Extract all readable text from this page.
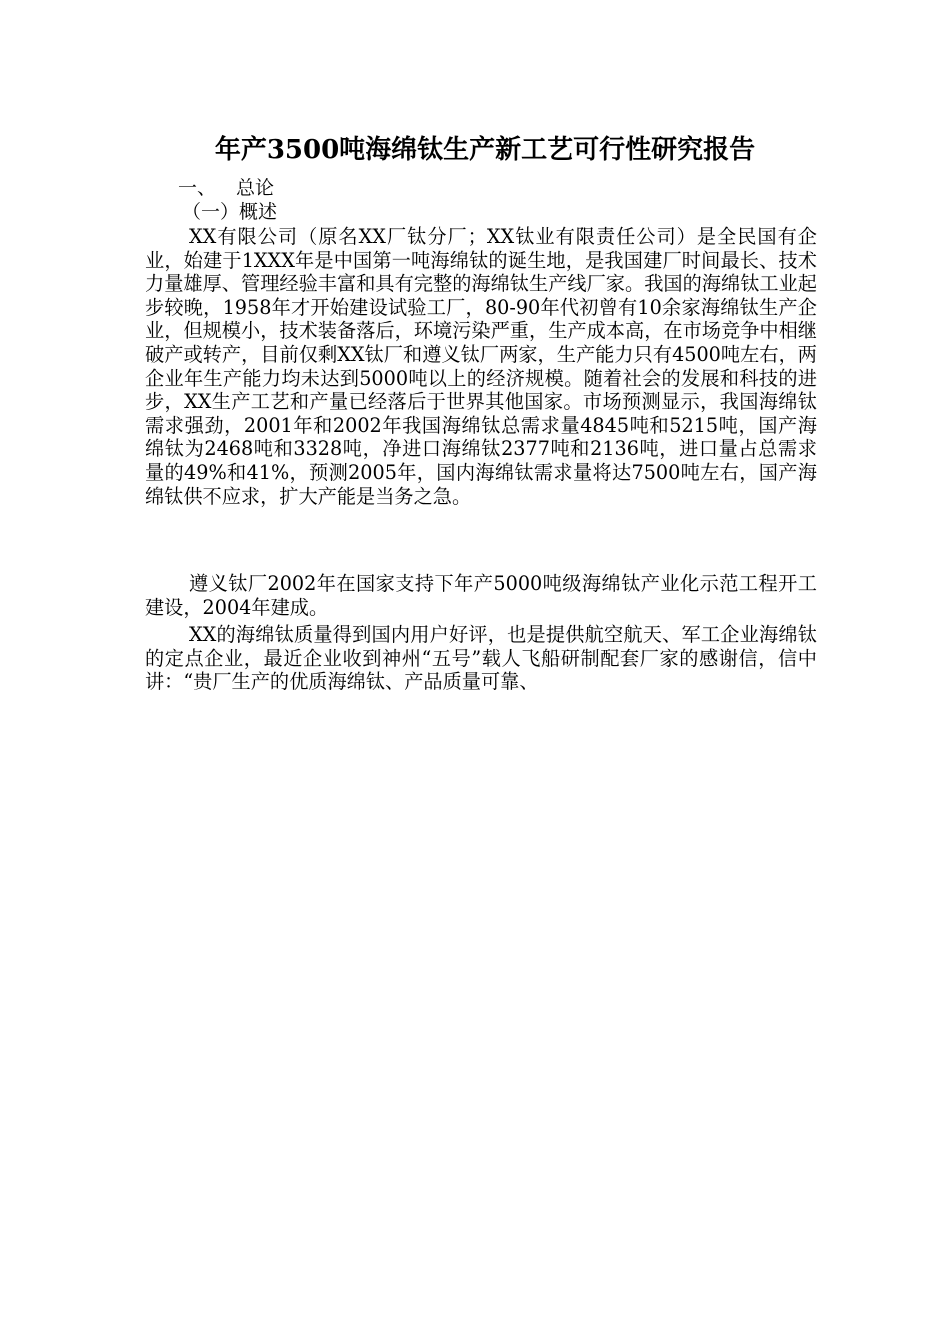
年产3500吨海绵钛生产新工艺可行性研究报告
一、 总论
（一）概述

XX有限公司（原名XX厂钛分厂；XX钛业有限责任公司）是全民国有企业，始建于1XXX年是中国第一吨海绵钛的诞生地，是我国建厂时间最长、技术力量雄厚、管理经验丰富和具有完整的海绵钛生产线厂家。我国的海绵钛工业起步较晚，1958年才开始建设试验工厂，80-90年代初曾有10余家海绵钛生产企业，但规模小，技术装备落后，环境污染严重，生产成本高，在市场竞争中相继破产或转产，目前仅剩XX钛厂和遵义钛厂两家，生产能力只有4500吨左右，两企业年生产能力均未达到5000吨以上的经济规模。随着社会的发展和科技的进步，XX生产工艺和产量已经落后于世界其他国家。市场预测显示，我国海绵钛需求强劲，2001年和2002年我国海绵钛总需求量4845吨和5215吨，国产海绵钛为2468吨和3328吨，净进口海绵钛2377吨和2136吨，进口量占总需求量的49%和41%，预测2005年，国内海绵钛需求量将达7500吨左右，国产海绵钛供不应求，扩大产能是当务之急。

遵义钛厂2002年在国家支持下年产5000吨级海绵钛产业化示范工程开工建设，2004年建成。

XX的海绵钛质量得到国内用户好评，也是提供航空航天、军工企业海绵钛的定点企业，最近企业收到神州“五号”载人飞船研制配套厂家的感谢信，信中讲：“贵厂生产的优质海绵钛、产品质量可靠、
